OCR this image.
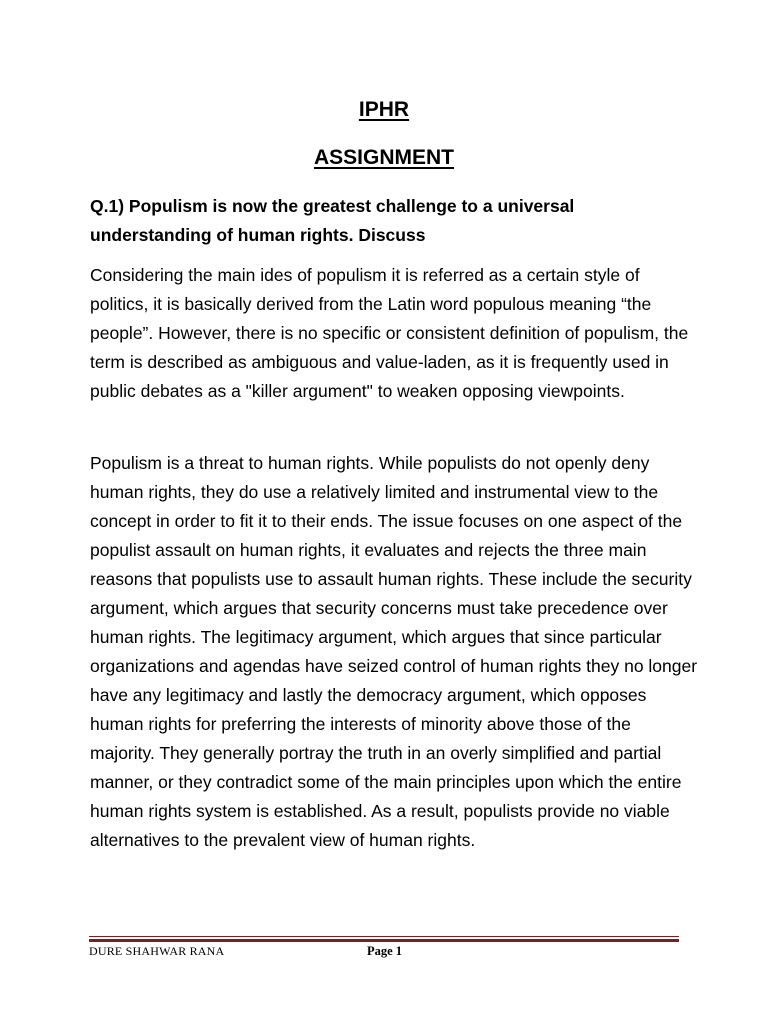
IPHR
ASSIGNMENT

Q.1) Populism is now the greatest challenge to a universal understanding of human rights. Discuss

Considering the main ides of populism it is referred as a certain style of politics, it is basically derived from the Latin word populous meaning “the people”. However, there is no specific or consistent definition of populism, the term is described as ambiguous and value-laden, as it is frequently used in public debates as a "killer argument" to weaken opposing viewpoints.

Populism is a threat to human rights. While populists do not openly deny human rights, they do use a relatively limited and instrumental view to the concept in order to fit it to their ends. The issue focuses on one aspect of the populist assault on human rights, it evaluates and rejects the three main reasons that populists use to assault human rights. These include the security argument, which argues that security concerns must take precedence over human rights. The legitimacy argument, which argues that since particular organizations and agendas have seized control of human rights they no longer have any legitimacy and lastly the democracy argument, which opposes human rights for preferring the interests of minority above those of the majority. They generally portray the truth in an overly simplified and partial manner, or they contradict some of the main principles upon which the entire human rights system is established. As a result, populists provide no viable alternatives to the prevalent view of human rights.

DURE SHAHWAR RANA	Page 1
